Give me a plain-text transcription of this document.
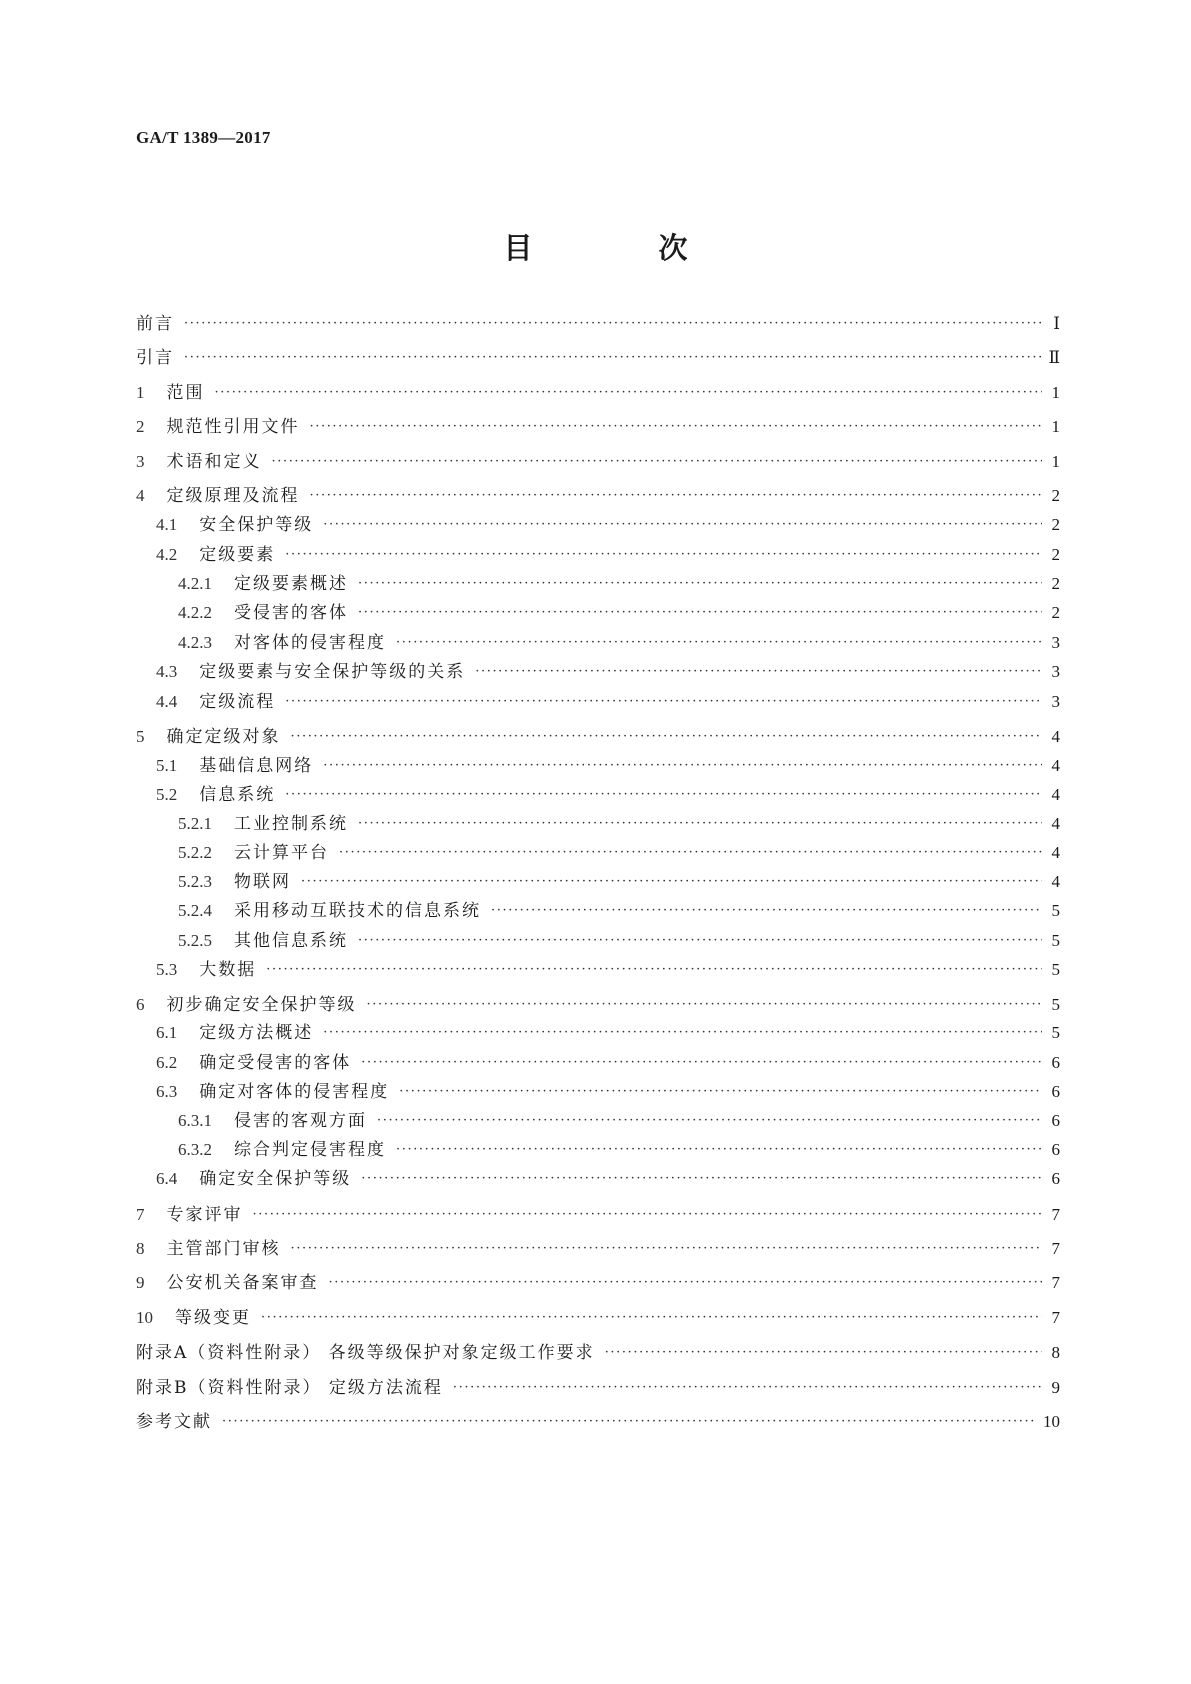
GA/T 1389—2017
目 次
前言 ·····	Ⅰ
引言 ·····	Ⅱ
1 范围 ·····	1
2 规范性引用文件 ·····	1
3 术语和定义 ·····	1
4 定级原理及流程 ·····	2
4.1 安全保护等级 ·····	2
4.2 定级要素 ·····	2
4.2.1 定级要素概述 ·····	2
4.2.2 受侵害的客体 ·····	2
4.2.3 对客体的侵害程度 ·····	3
4.3 定级要素与安全保护等级的关系 ·····	3
4.4 定级流程 ·····	3
5 确定定级对象 ·····	4
5.1 基础信息网络 ·····	4
5.2 信息系统 ·····	4
5.2.1 工业控制系统 ·····	4
5.2.2 云计算平台 ·····	4
5.2.3 物联网 ·····	4
5.2.4 采用移动互联技术的信息系统 ·····	5
5.2.5 其他信息系统 ·····	5
5.3 大数据 ·····	5
6 初步确定安全保护等级 ·····	5
6.1 定级方法概述 ·····	5
6.2 确定受侵害的客体 ·····	6
6.3 确定对客体的侵害程度 ·····	6
6.3.1 侵害的客观方面 ·····	6
6.3.2 综合判定侵害程度 ·····	6
6.4 确定安全保护等级 ·····	6
7 专家评审 ·····	7
8 主管部门审核 ·····	7
9 公安机关备案审查 ·····	7
10 等级变更 ·····	7
附录A（资料性附录） 各级等级保护对象定级工作要求 ·····	8
附录B（资料性附录） 定级方法流程 ·····	9
参考文献 ·····	10
